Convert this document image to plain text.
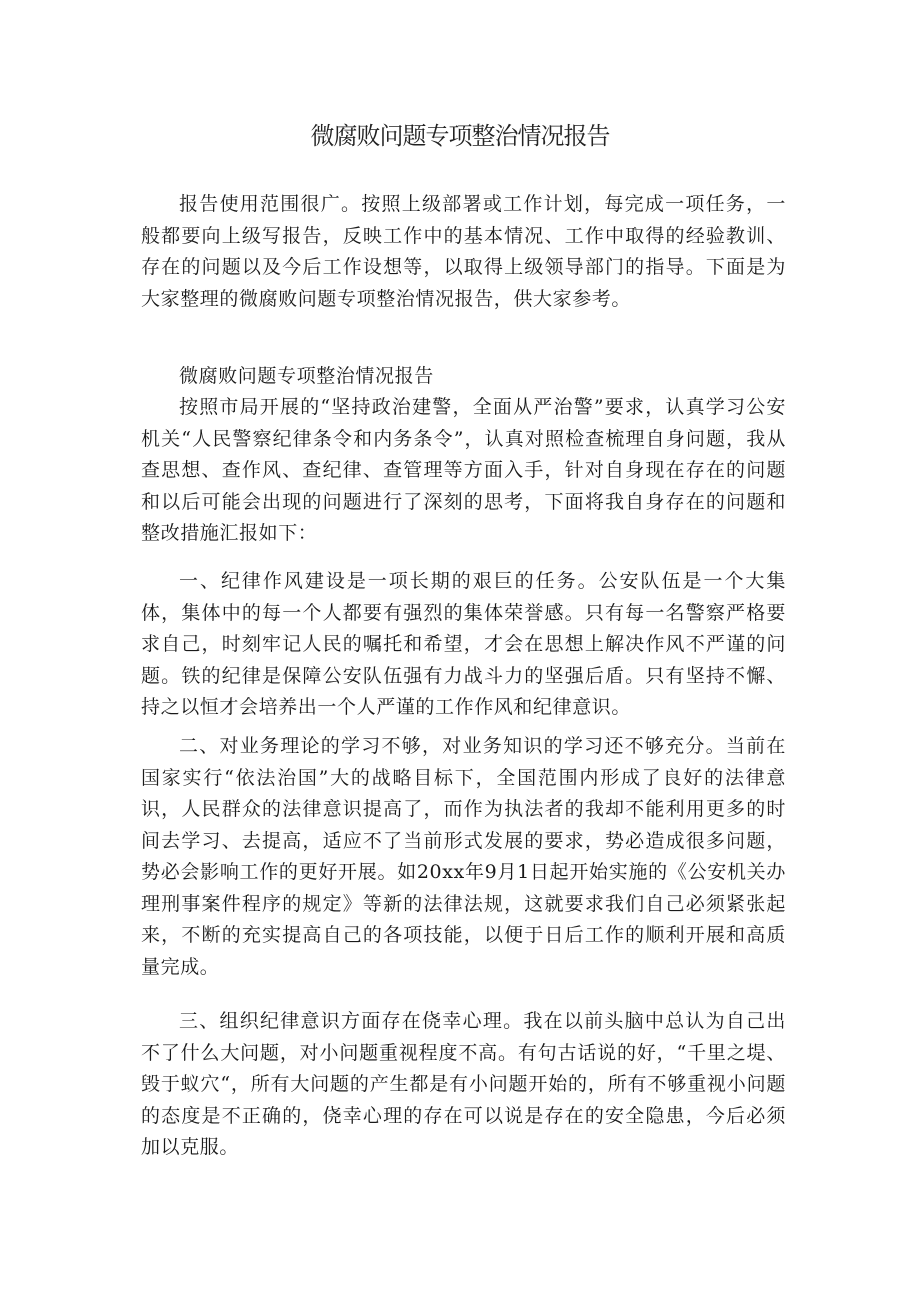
微腐败问题专项整治情况报告

报告使用范围很广。按照上级部署或工作计划，每完成一项任务，一般都要向上级写报告，反映工作中的基本情况、工作中取得的经验教训、存在的问题以及今后工作设想等，以取得上级领导部门的指导。下面是为大家整理的微腐败问题专项整治情况报告，供大家参考。

微腐败问题专项整治情况报告

按照市局开展的“坚持政治建警，全面从严治警”要求，认真学习公安机关“人民警察纪律条令和内务条令”，认真对照检查梳理自身问题，我从查思想、查作风、查纪律、查管理等方面入手，针对自身现在存在的问题和以后可能会出现的问题进行了深刻的思考，下面将我自身存在的问题和整改措施汇报如下：

一、纪律作风建设是一项长期的艰巨的任务。公安队伍是一个大集体，集体中的每一个人都要有强烈的集体荣誉感。只有每一名警察严格要求自己，时刻牢记人民的嘱托和希望，才会在思想上解决作风不严谨的问题。铁的纪律是保障公安队伍强有力战斗力的坚强后盾。只有坚持不懈、持之以恒才会培养出一个人严谨的工作作风和纪律意识。

二、对业务理论的学习不够，对业务知识的学习还不够充分。当前在国家实行“依法治国”大的战略目标下，全国范围内形成了良好的法律意识，人民群众的法律意识提高了，而作为执法者的我却不能利用更多的时间去学习、去提高，适应不了当前形式发展的要求，势必造成很多问题，势必会影响工作的更好开展。如20xx年9月1日起开始实施的《公安机关办理刑事案件程序的规定》等新的法律法规，这就要求我们自己必须紧张起来，不断的充实提高自己的各项技能，以便于日后工作的顺利开展和高质量完成。

三、组织纪律意识方面存在侥幸心理。我在以前头脑中总认为自己出不了什么大问题，对小问题重视程度不高。有句古话说的好，“千里之堤、毁于蚁穴“，所有大问题的产生都是有小问题开始的，所有不够重视小问题的态度是不正确的，侥幸心理的存在可以说是存在的安全隐患，今后必须加以克服。
